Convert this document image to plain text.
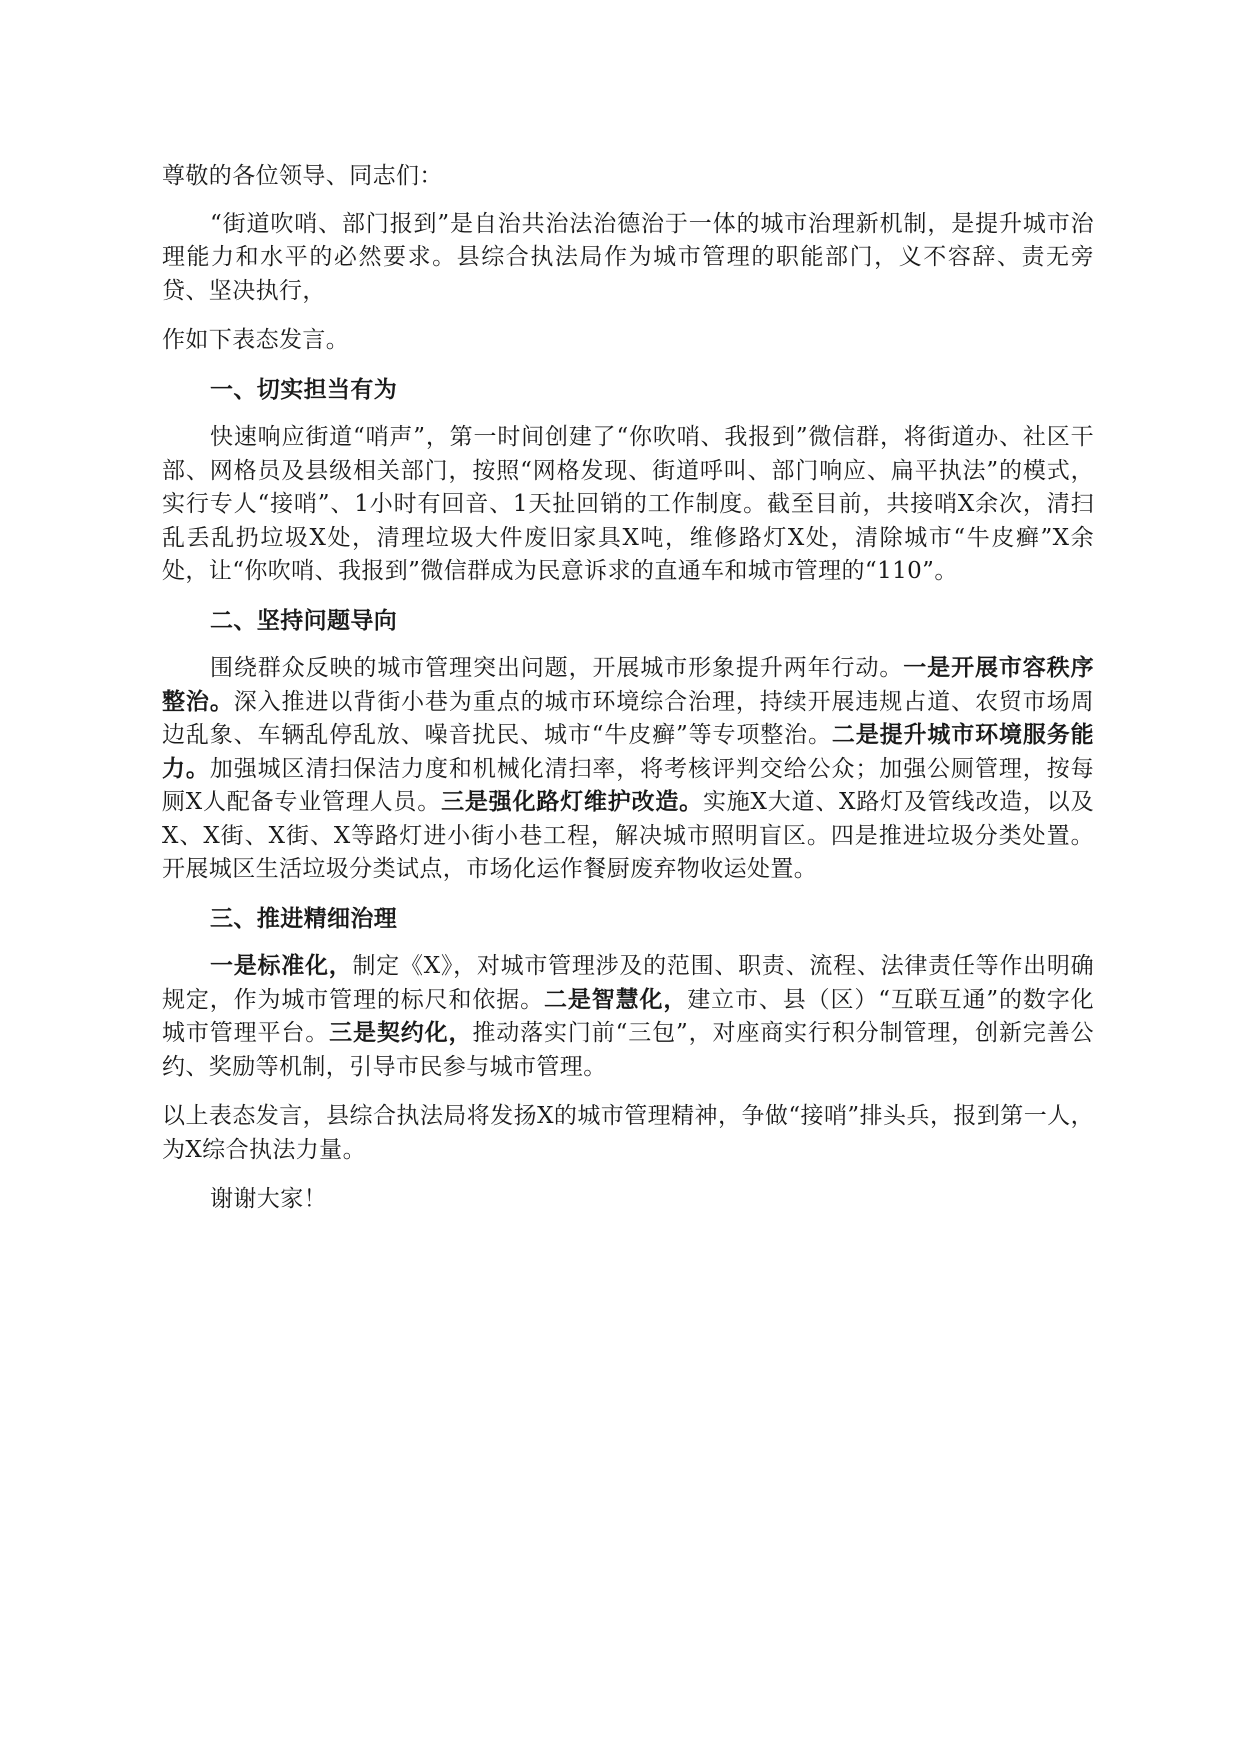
尊敬的各位领导、同志们：

“街道吹哨、部门报到”是自治共治法治德治于一体的城市治理新机制，是提升城市治理能力和水平的必然要求。县综合执法局作为城市管理的职能部门，义不容辞、责无旁贷、坚决执行，

作如下表态发言。

一、切实担当有为

快速响应街道“哨声”，第一时间创建了“你吹哨、我报到”微信群，将街道办、社区干部、网格员及县级相关部门，按照“网格发现、街道呼叫、部门响应、扁平执法”的模式，实行专人“接哨”、1小时有回音、1天扯回销的工作制度。截至目前，共接哨X余次，清扫乱丢乱扔垃圾X处，清理垃圾大件废旧家具X吨，维修路灯X处，清除城市“牛皮癣”X余处，让“你吹哨、我报到”微信群成为民意诉求的直通车和城市管理的“110”。

二、坚持问题导向

围绕群众反映的城市管理突出问题，开展城市形象提升两年行动。一是开展市容秩序整治。深入推进以背街小巷为重点的城市环境综合治理，持续开展违规占道、农贸市场周边乱象、车辆乱停乱放、噪音扰民、城市“牛皮癣”等专项整治。二是提升城市环境服务能力。加强城区清扫保洁力度和机械化清扫率，将考核评判交给公众；加强公厕管理，按每厕X人配备专业管理人员。三是强化路灯维护改造。实施X大道、X路灯及管线改造，以及X、X街、X街、X等路灯进小街小巷工程，解决城市照明盲区。四是推进垃圾分类处置。开展城区生活垃圾分类试点，市场化运作餐厨废弃物收运处置。

三、推进精细治理

一是标准化，制定《X》，对城市管理涉及的范围、职责、流程、法律责任等作出明确规定，作为城市管理的标尺和依据。二是智慧化，建立市、县（区）“互联互通”的数字化城市管理平台。三是契约化，推动落实门前“三包”，对座商实行积分制管理，创新完善公约、奖励等机制，引导市民参与城市管理。

以上表态发言，县综合执法局将发扬X的城市管理精神，争做“接哨”排头兵，报到第一人，为X综合执法力量。

谢谢大家！
